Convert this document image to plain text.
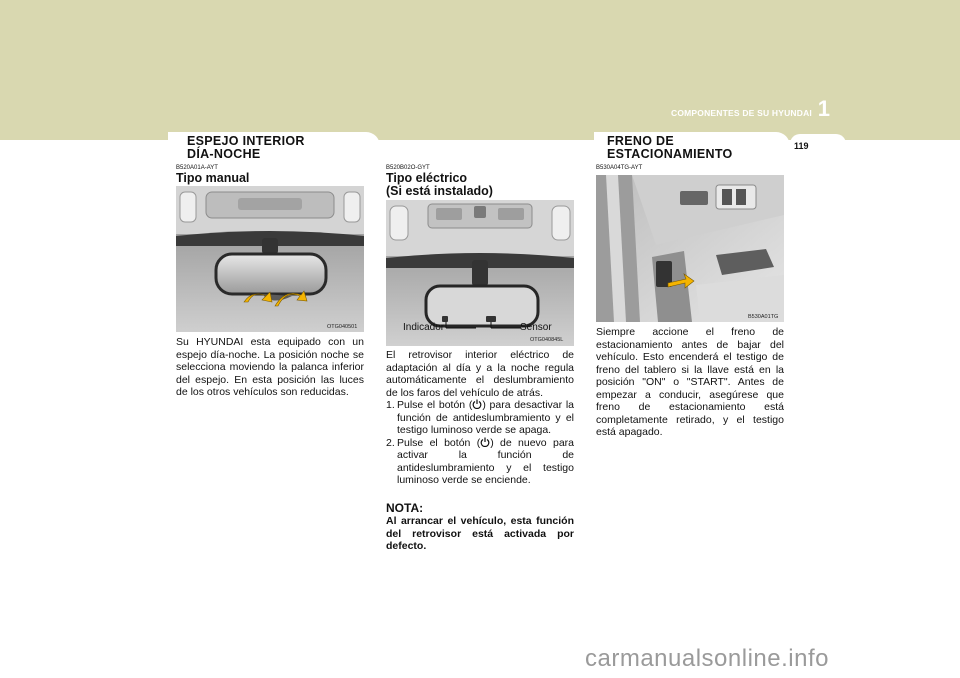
COMPONENTES DE SU HYUNDAI 1
119
ESPEJO INTERIOR
DÍA-NOCHE
B520A01A-AYT
Tipo manual
OTG040501

Su HYUNDAI esta equipado con un espejo día-noche. La posición noche se selecciona moviendo la palanca inferior del espejo. En esta posición las luces de los otros vehículos son reducidas.

B520B02O-GYT
Tipo eléctrico
(Si está instalado)
Indicador	Sensor
OTG040845L

El retrovisor interior eléctrico de adaptación al día y a la noche regula automáticamente el deslumbramiento de los faros del vehículo de atrás.

1. Pulse el botón ( ) para desactivar la función de antideslumbramiento y el testigo luminoso verde se apaga.
2. Pulse el botón ( ) de nuevo para activar la función de antideslumbramiento y el testigo luminoso verde se enciende.
NOTA:

Al arrancar el vehículo, esta función del retrovisor está activada por defecto.

FRENO DE
ESTACIONAMIENTO
B530A04TG-AYT
B530A01TG

Siempre accione el freno de estacionamiento antes de bajar del vehículo. Esto encenderá el testigo de freno del tablero si la llave está en la posición "ON" o "START". Antes de empezar a conducir, asegúrese que freno de estacionamiento está completamente retirado, y el testigo está apagado.

carmanualsonline.info
